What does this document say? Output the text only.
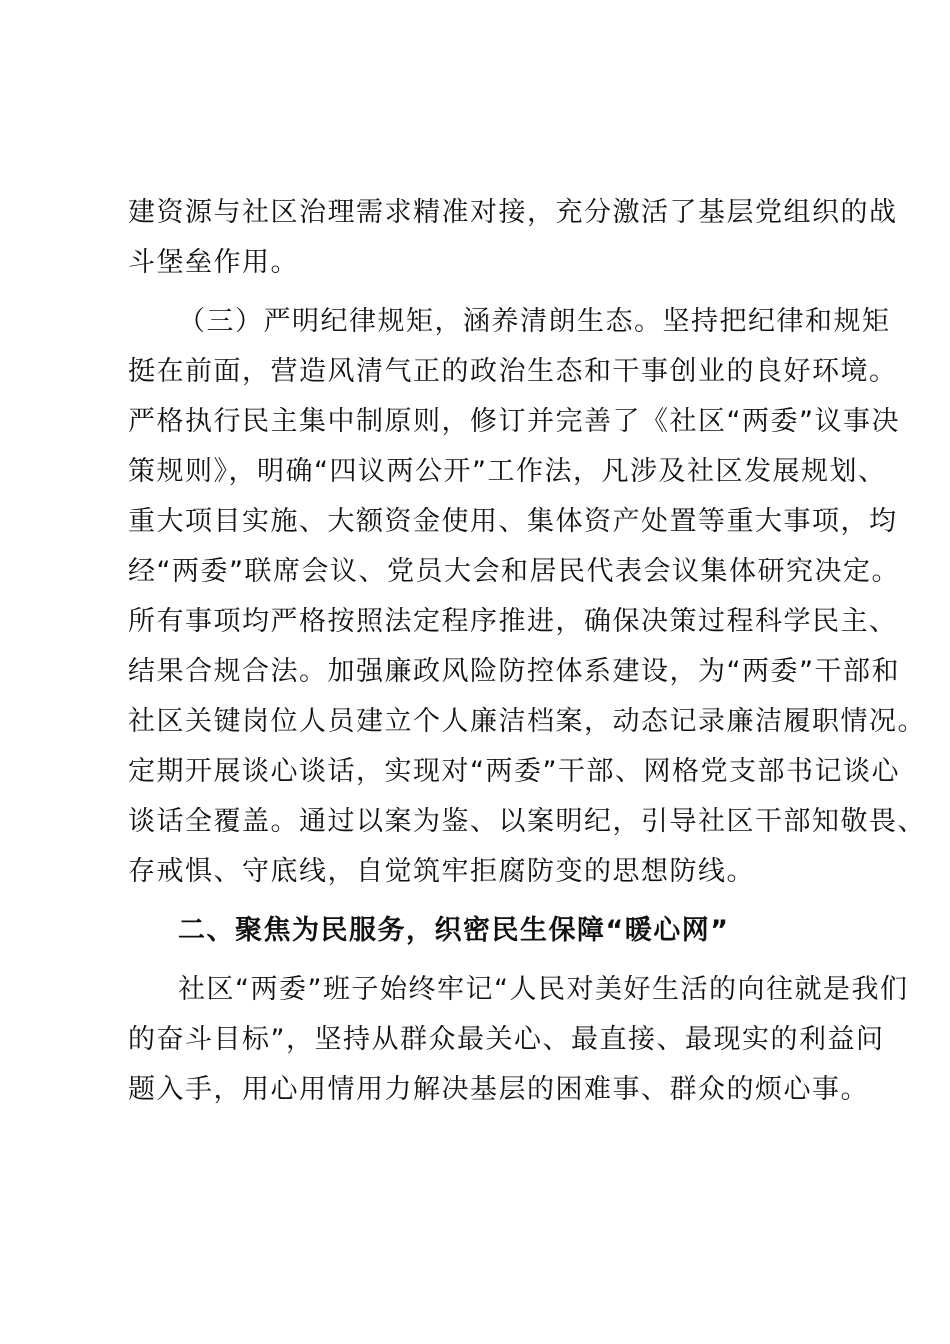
建资源与社区治理需求精准对接，充分激活了基层党组织的战
斗堡垒作用。
（三）严明纪律规矩，涵养清朗生态。坚持把纪律和规矩
挺在前面，营造风清气正的政治生态和干事创业的良好环境。
严格执行民主集中制原则，修订并完善了《社区“两委”议事决
策规则》，明确“四议两公开”工作法，凡涉及社区发展规划、
重大项目实施、大额资金使用、集体资产处置等重大事项，均
经“两委”联席会议、党员大会和居民代表会议集体研究决定。
所有事项均严格按照法定程序推进，确保决策过程科学民主、
结果合规合法。加强廉政风险防控体系建设，为“两委”干部和
社区关键岗位人员建立个人廉洁档案，动态记录廉洁履职情况。
定期开展谈心谈话，实现对“两委”干部、网格党支部书记谈心
谈话全覆盖。通过以案为鉴、以案明纪，引导社区干部知敬畏、
存戒惧、守底线，自觉筑牢拒腐防变的思想防线。
二、聚焦为民服务，织密民生保障“暖心网”
社区“两委”班子始终牢记“人民对美好生活的向往就是我们
的奋斗目标”，坚持从群众最关心、最直接、最现实的利益问
题入手，用心用情用力解决基层的困难事、群众的烦心事。
